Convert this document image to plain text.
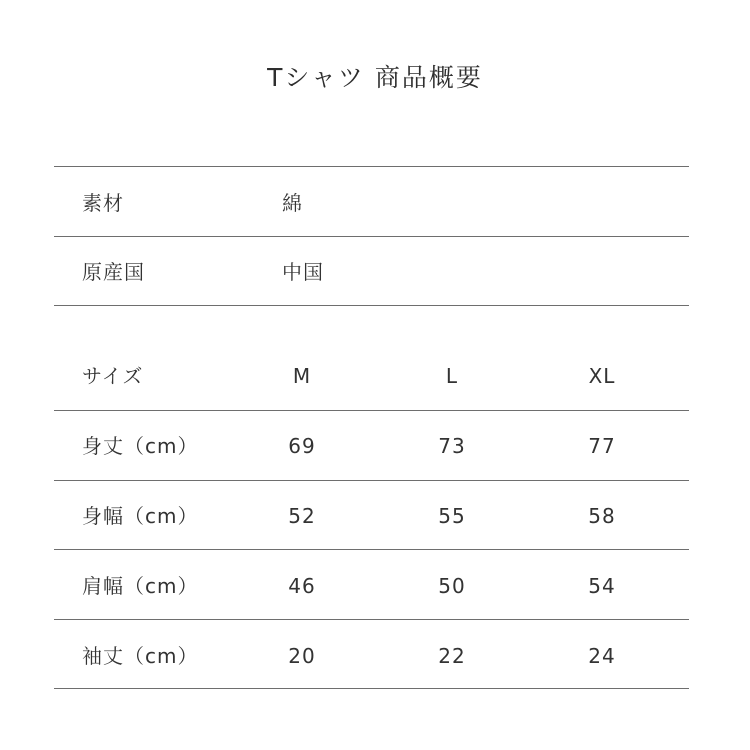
Tシャツ 商品概要
素材	綿
原産国	中国
サイズ	M	L	XL
身丈（cm）	69	73	77
身幅（cm）	52	55	58
肩幅（cm）	46	50	54
袖丈（cm）	20	22	24
